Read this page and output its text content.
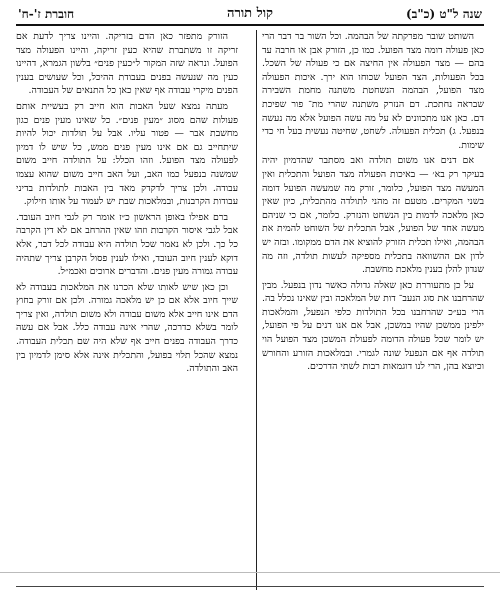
שנה ל"ט (כ"ב)
קול תורה
חוברת ז'-ח'

השותט שובר מפרקתה של הבהמה. וכל השור בר דבר הרי כאן פעולה דומה מצד הפועל. כמו כן, הזורק אבן או חרבה עד בהם — מצד הפעולה אין החיצה אם כי פעולה של השכל. בכל הפעולות, הצד הפועל שכוחו הוא ירך. איכות הפעולה מצד הפועל, הבהמה הנשחטת משתנה מחמת השבירה שבראה נחתכת. דם הנזרק משתנה שהרי מת־ פור שפיכת דם. כאן אנו מתכוונים לא על מה עשה הפועל אלא מה נעשה בנפעל. ג) תכלית הפעולה. לשחט, שחיטה נעשית בעל חי כדי שימות.

אם דנים אנו משום תולדה ואב מסתבר שהדמיון יהיה בעיקר רק בא׳ — באיכות הפעולה מצד הפועל והתכלית ואין המעשה מצד הפועל, כלומר, זורק מה שמעשה הפועל דומה בשני המקרים. מטעם זה מהני לתולדה מהתכלית, כיון שאין כאן מלאכה לדמות בין הנשחט והנזרק. כלומר, אם כי שניהם מעשה אחד של הפועל, אבל התכלית של השוחט להמית את הבהמה, ואילו תכלית הזורק להוציא את הדם ממקומו. ובזה יש לדון אם ההשוואה בתכלית מספיקה לעשות תולדה, וזה מה שנדון להלן בענין מלאכת מחשבת.

על כן מתעוררת כאן שאלה גדולה כאשר נדון בנפעל. מבין שהרחבנו את סוג הנעב־ דות של המלאכה ובין שאינו נכלל בה. הרי בע״כ שהרחבנו בכל התולדות כלפי הנפעל, והמלאכות ילפינן ממשכן שהיו במשכן, אבל אם אנו דנים על פי הפועל, יש לומר שכל פעולה הדומה לפעולת המשכן מצד הפועל הוי תולדה אף אם הנפעל שונה לגמרי. ובמלאכות הזורע והחורש וכיוצא בהן, הרי לנו דוגמאות רבות לשתי הדרכים.

הזורק מתפזר כאן הדם בזריקה. והיינו צריך לדעת אם זריקה זו משתברת שהיא כעין זריקה, והיינו הפעולה מצד הפועל. ונראה שזה המקור ל״כעין פנים״ בלשון הגמרא, דהיינו כעין מה שנעשה בפנים בעבודת ההיכל, וכל שעושים בענין הפנים מיקרי עבודה אף שאין כאן כל התנאים של העבודה.

מעתה נמצא שעל האבות הוא חייב רק בעשיית אותם פעולות שהם מסוג ״מעין פנים״. כל שאינו מעין פנים כגון מחשבת אבר — פטור עליו. אבל על תולדות יכול להיות שיתחייב גם אם אינו מעין פנים ממש, כל שיש לו דמיון לפעולה מצד הפועל. וזהו הכלל: על התולדה חייב משום שמשנה בנפעל כמו האב, ועל האב חייב משום שהוא עצמו עבודה. ולכן צריך לדקדק מאד בין האבות לתולדות בדיני עבודות הקרבנות, ובמלאכות שבת יש לעמוד על אותו חילוק.

ברם אפילו באופן הראשון כ״ז אומר רק לגבי חיוב העובד. אבל לגבי איסור הקרבות וזהו שאין ההרחב אם לא דין הקרבה כל כך. ולכן לא נאמר שכל תולדה היא עבודה לכל דבר, אלא דוקא לענין חיוב העובד, ואילו לענין פסול הקרבן צריך שתהיה עבודה גמורה מעין פנים. והדברים ארוכים ואכמ״ל.

וכן כאן שיש לאותו שלא הכרנו את המלאכות בעבודה לא שייך חיוב אלא אם כן יש מלאכה גמורה. ולכן אם זורק בחוץ הדם אינו חייב אלא משום עבודה ולא משום תולדה, ואין צריך לומר בשלא כדרכה, שהרי אינה עבודה כלל. אבל אם עשה כדרך העבודה בפנים חייב אף שלא היה שם תכלית העבודה. נמצא שהכל תלוי בפועל, והתכלית אינה אלא סימן לדמיון בין האב והתולדה.
